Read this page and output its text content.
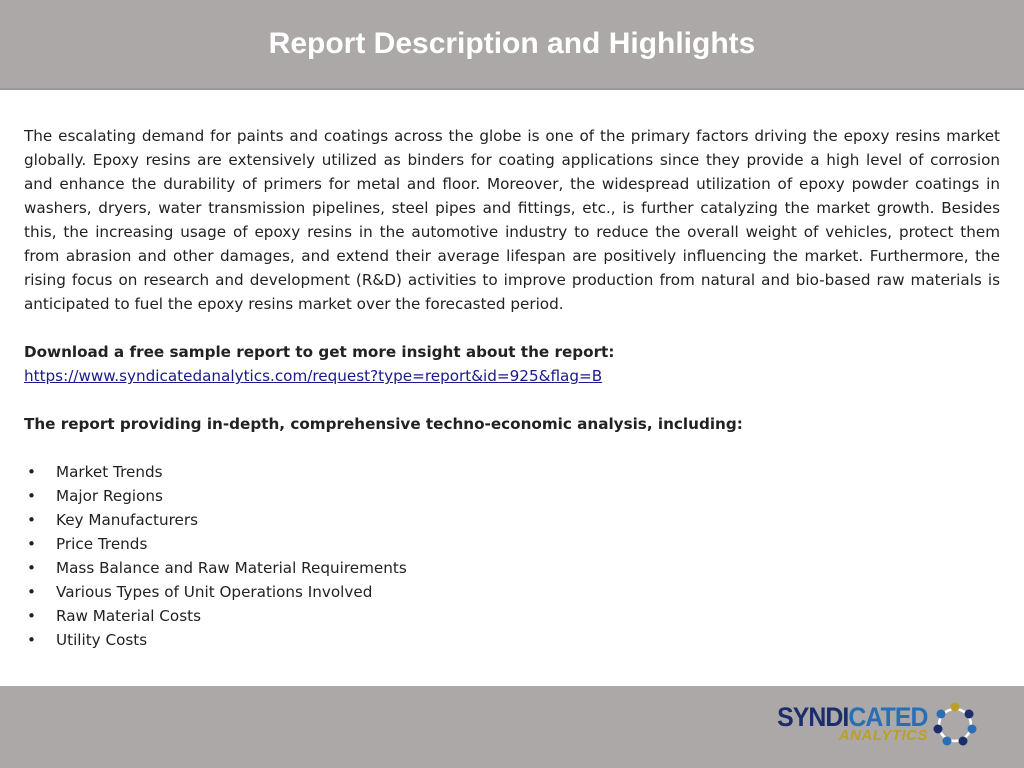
Report Description and Highlights

The escalating demand for paints and coatings across the globe is one of the primary factors driving the epoxy resins market globally. Epoxy resins are extensively utilized as binders for coating applications since they provide a high level of corrosion and enhance the durability of primers for metal and floor. Moreover, the widespread utilization of epoxy powder coatings in washers, dryers, water transmission pipelines, steel pipes and fittings, etc., is further catalyzing the market growth. Besides this, the increasing usage of epoxy resins in the automotive industry to reduce the overall weight of vehicles, protect them from abrasion and other damages, and extend their average lifespan are positively influencing the market. Furthermore, the rising focus on research and development (R&D) activities to improve production from natural and bio-based raw materials is anticipated to fuel the epoxy resins market over the forecasted period.

Download a free sample report to get more insight about the report:

https://www.syndicatedanalytics.com/request?type=report&id=925&flag=B

The report providing in-depth, comprehensive techno-economic analysis, including:

• Market Trends
• Major Regions
• Key Manufacturers
• Price Trends
• Mass Balance and Raw Material Requirements
• Various Types of Unit Operations Involved
• Raw Material Costs
• Utility Costs
SYNDICATED
ANALYTICS
